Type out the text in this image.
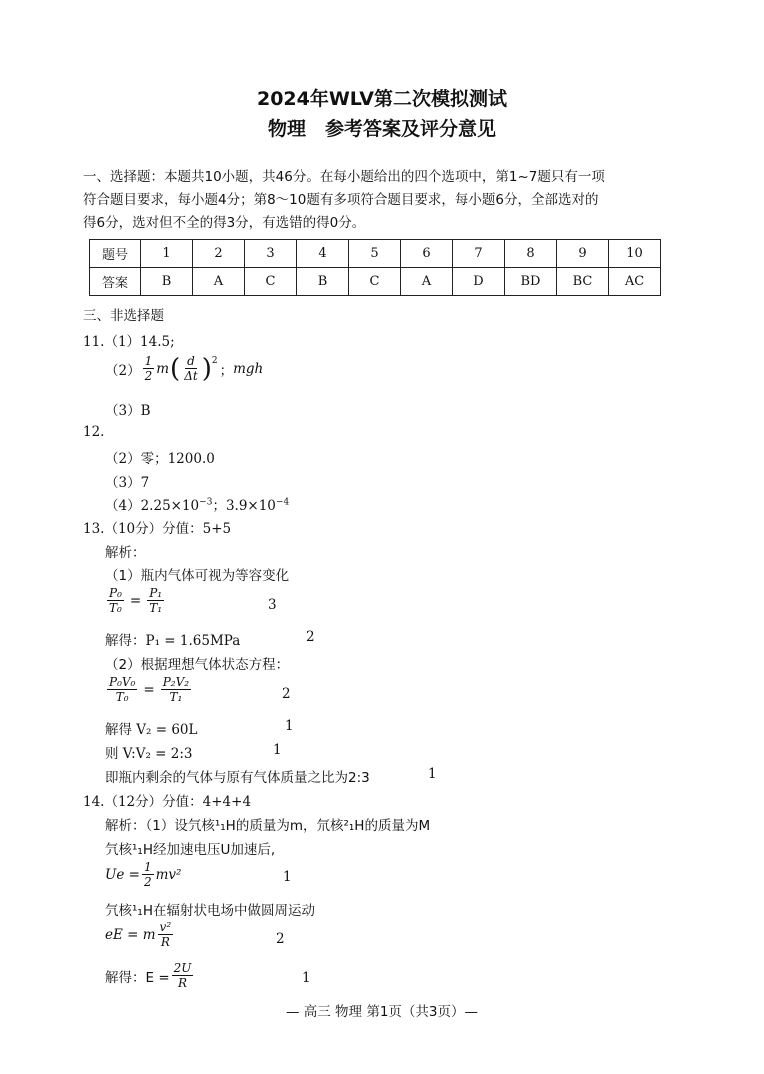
2024年WLV第二次模拟测试
物理　参考答案及评分意见
一、选择题：本题共10小题，共46分。在每小题给出的四个选项中，第1~7题只有一项
符合题目要求，每小题4分；第8～10题有多项符合题目要求，每小题6分，全部选对的
得6分，选对但不全的得3分，有选错的得0分。
题号	1	2	3	4	5	6	7	8	9	10
答案	B	A	C	B	C	A	D	BD	BC	AC
三、非选择题
11.（1）14.5;
$(2) \frac{1}{2}$ m ( $\frac{d}{\Delta t} )^2$
； mgh
（3）B
12.
（2）零；1200.0
（3）7
$(4)2.25\times 10^{-3}$；$3.9\times 10^{-4}$
13.（10分）分值：5+5
解析：
（1）瓶内气体可视为等容变化
$\frac{\text{P₀}}{\text{T₀}} = \frac{\text{P₁}}{\text{T₁}}$	3
解得：P₁ = 1.65MPa	2
（2）根据理想气体状态方程：
$\frac{\text{P₀V₀}}{\text{T₀}} = \frac{\text{P₂V₂}}{\text{T₁}}$	2
解得 V₂ = 60L	1
则 V:V₂ = 2:3	1
即瓶内剩余的气体与原有气体质量之比为2:3	1
14.（12分）分值：4+4+4
解析：（1）设氕核¹₁H的质量为m，氘核²₁H的质量为M
氕核¹₁H经加速电压U加速后,
$Ue = \frac{1}{2} mv^2$	1
氕核¹₁H在辐射状电场中做圆周运动
eE = m $\frac{\text{v²}}{R}$	2
解得：$E = \frac{2U}{R}$	1
— 高三 物理 第1页（共3页）—
